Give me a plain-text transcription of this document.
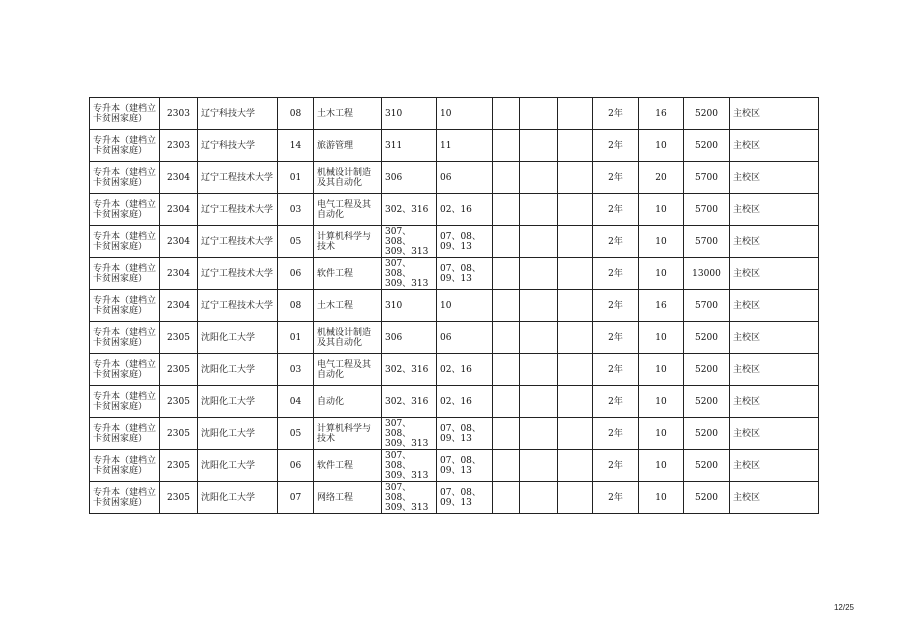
专升本（建档立卡贫困家庭）	2303	辽宁科技大学	08	土木工程	310	10				2年	16	5200	主校区
专升本（建档立卡贫困家庭）	2303	辽宁科技大学	14	旅游管理	311	11				2年	10	5200	主校区
专升本（建档立卡贫困家庭）	2304	辽宁工程技术大学	01	机械设计制造及其自动化	306	06				2年	20	5700	主校区
专升本（建档立卡贫困家庭）	2304	辽宁工程技术大学	03	电气工程及其自动化	302、316	02、16				2年	10	5700	主校区
专升本（建档立卡贫困家庭）	2304	辽宁工程技术大学	05	计算机科学与技术	307、308、309、313	07、08、09、13				2年	10	5700	主校区
专升本（建档立卡贫困家庭）	2304	辽宁工程技术大学	06	软件工程	307、308、309、313	07、08、09、13				2年	10	13000	主校区
专升本（建档立卡贫困家庭）	2304	辽宁工程技术大学	08	土木工程	310	10				2年	16	5700	主校区
专升本（建档立卡贫困家庭）	2305	沈阳化工大学	01	机械设计制造及其自动化	306	06				2年	10	5200	主校区
专升本（建档立卡贫困家庭）	2305	沈阳化工大学	03	电气工程及其自动化	302、316	02、16				2年	10	5200	主校区
专升本（建档立卡贫困家庭）	2305	沈阳化工大学	04	自动化	302、316	02、16				2年	10	5200	主校区
专升本（建档立卡贫困家庭）	2305	沈阳化工大学	05	计算机科学与技术	307、308、309、313	07、08、09、13				2年	10	5200	主校区
专升本（建档立卡贫困家庭）	2305	沈阳化工大学	06	软件工程	307、308、309、313	07、08、09、13				2年	10	5200	主校区
专升本（建档立卡贫困家庭）	2305	沈阳化工大学	07	网络工程	307、308、309、313	07、08、09、13				2年	10	5200	主校区
12/25
